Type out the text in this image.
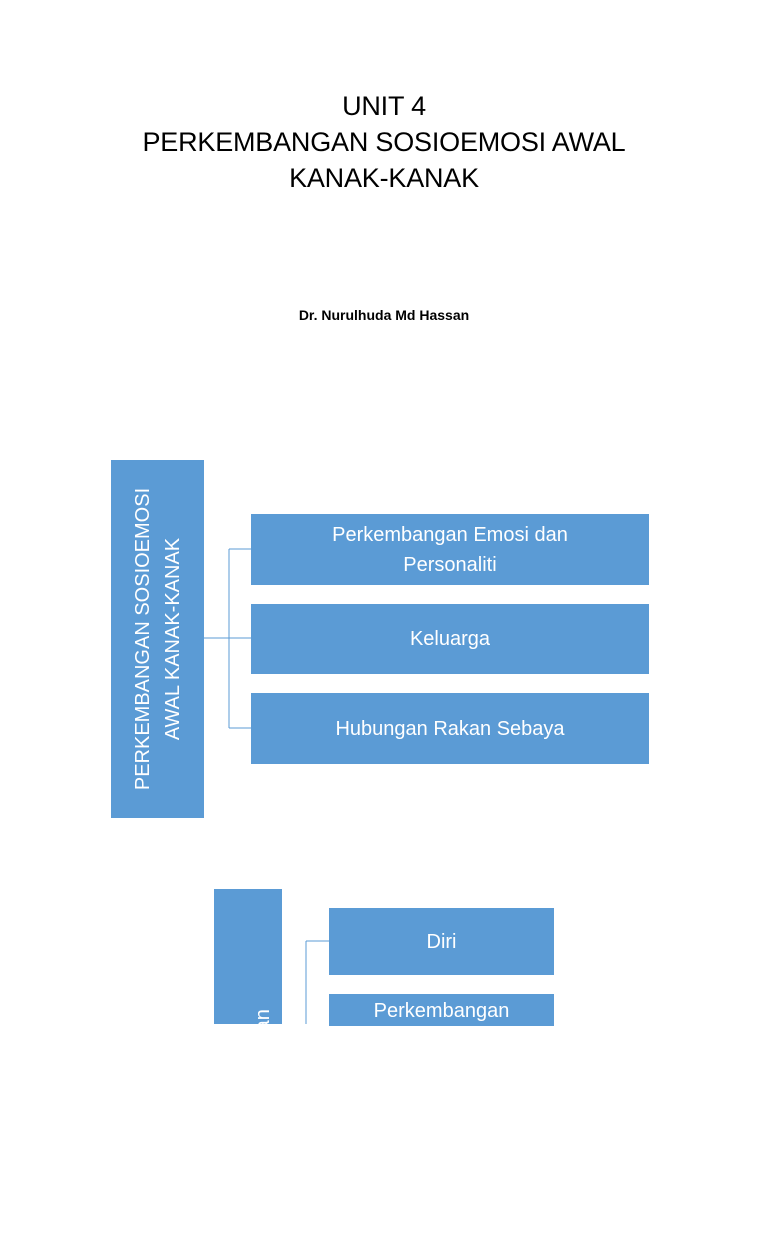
UNIT 4
PERKEMBANGAN SOSIOEMOSI AWAL
KANAK-KANAK
Dr. Nurulhuda Md Hassan
PERKEMBANGAN SOSIOEMOSI AWAL KANAK-KANAK
Perkembangan Emosi dan
Personaliti
Keluarga
Hubungan Rakan Sebaya
Perkembangan Emosi dan Personaliti
Diri
Perkembangan
